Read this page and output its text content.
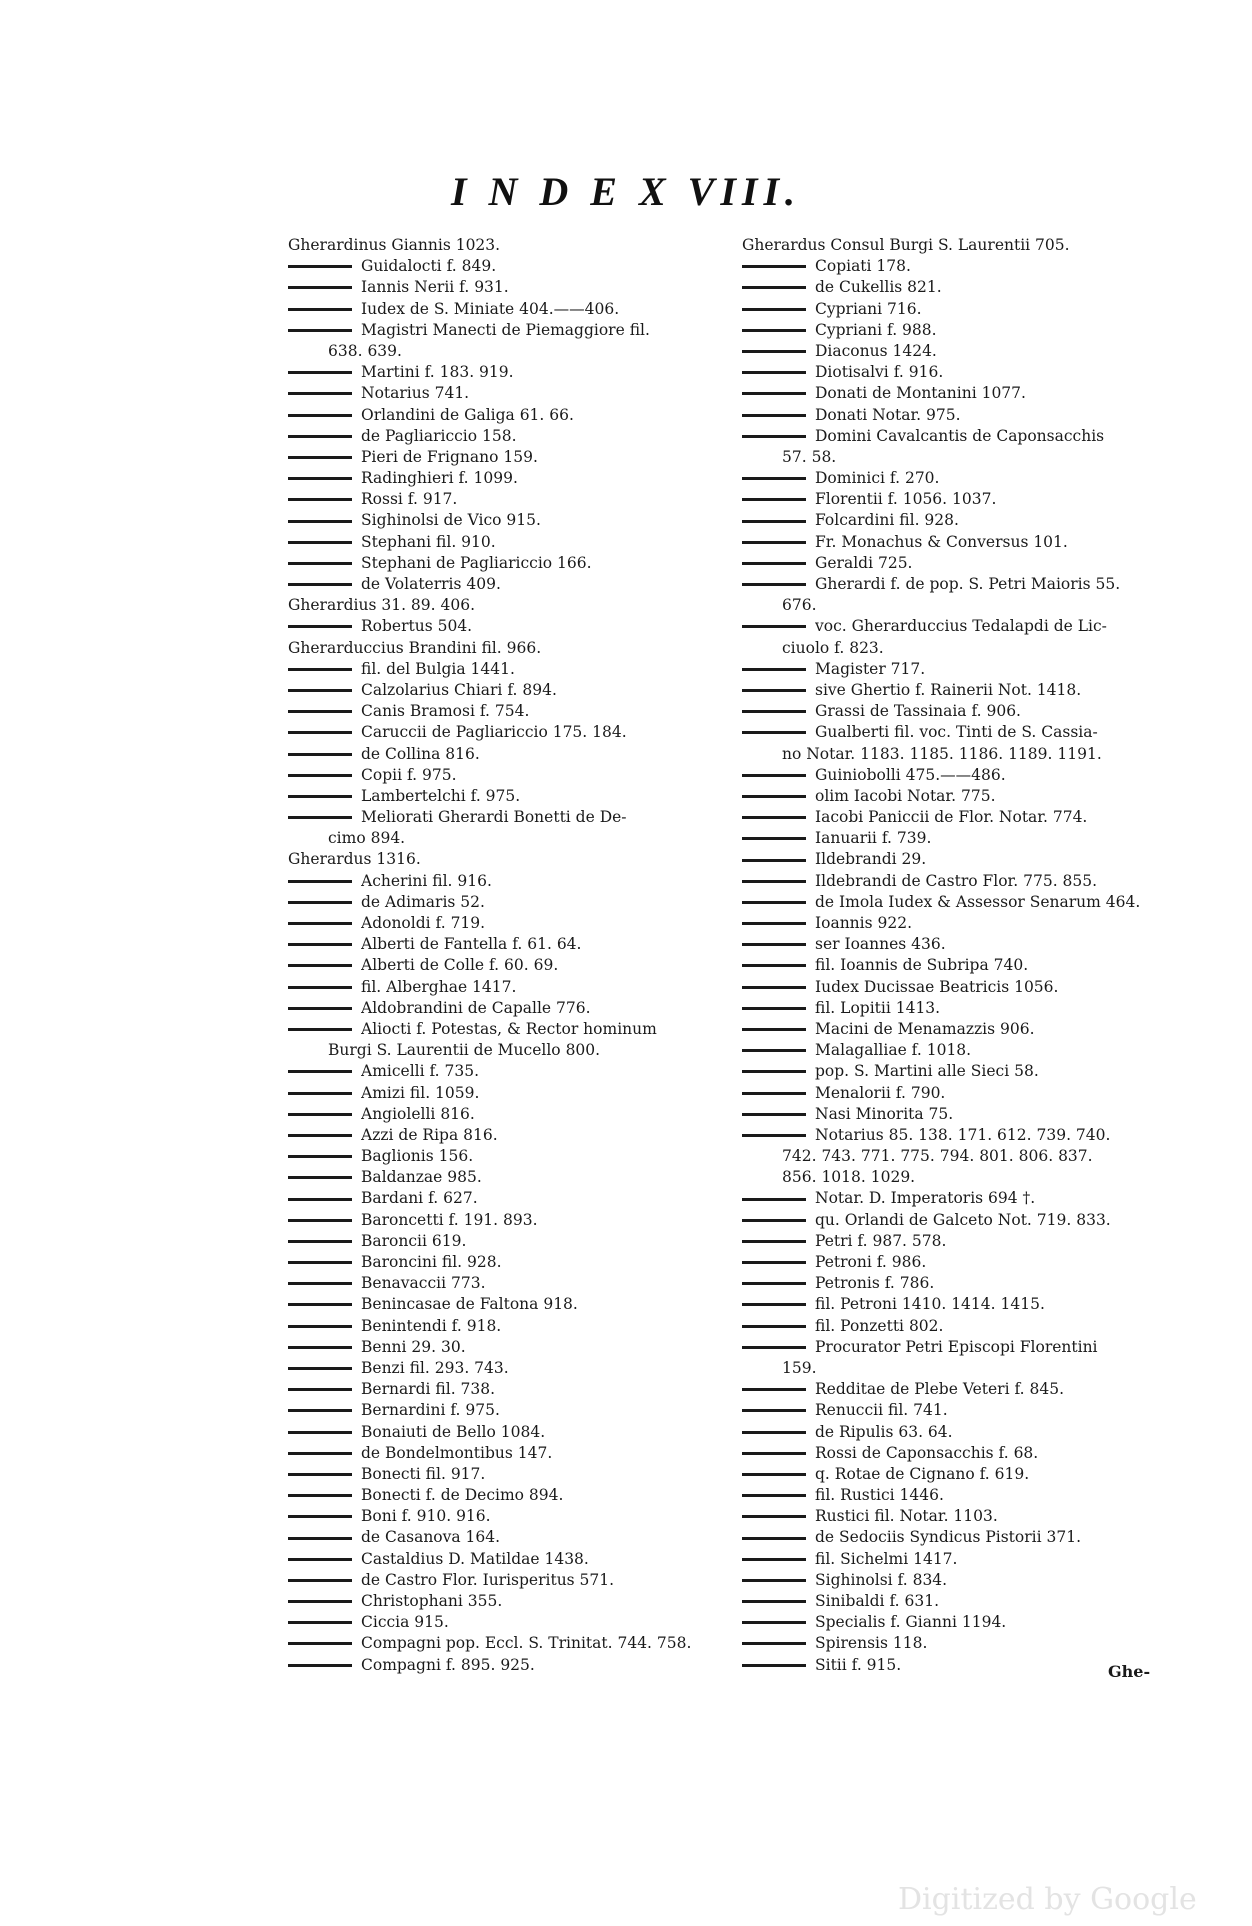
I N D E X VIII.
Gherardinus Giannis 1023.
Guidalocti f. 849.
Iannis Nerii f. 931.
Iudex de S. Miniate 404.——406.
Magistri Manecti de Piemaggiore fil.
638. 639.
Martini f. 183. 919.
Notarius 741.
Orlandini de Galiga 61. 66.
de Pagliariccio 158.
Pieri de Frignano 159.
Radinghieri f. 1099.
Rossi f. 917.
Sighinolsi de Vico 915.
Stephani fil. 910.
Stephani de Pagliariccio 166.
de Volaterris 409.
Gherardius 31. 89. 406.
Robertus 504.
Gherarduccius Brandini fil. 966.
fil. del Bulgia 1441.
Calzolarius Chiari f. 894.
Canis Bramosi f. 754.
Caruccii de Pagliariccio 175. 184.
de Collina 816.
Copii f. 975.
Lambertelchi f. 975.
Meliorati Gherardi Bonetti de De-
cimo 894.
Gherardus 1316.
Acherini fil. 916.
de Adimaris 52.
Adonoldi f. 719.
Alberti de Fantella f. 61. 64.
Alberti de Colle f. 60. 69.
fil. Alberghae 1417.
Aldobrandini de Capalle 776.
Aliocti f. Potestas, & Rector hominum
Burgi S. Laurentii de Mucello 800.
Amicelli f. 735.
Amizi fil. 1059.
Angiolelli 816.
Azzi de Ripa 816.
Baglionis 156.
Baldanzae 985.
Bardani f. 627.
Baroncetti f. 191. 893.
Baroncii 619.
Baroncini fil. 928.
Benavaccii 773.
Benincasae de Faltona 918.
Benintendi f. 918.
Benni 29. 30.
Benzi fil. 293. 743.
Bernardi fil. 738.
Bernardini f. 975.
Bonaiuti de Bello 1084.
de Bondelmontibus 147.
Bonecti fil. 917.
Bonecti f. de Decimo 894.
Boni f. 910. 916.
de Casanova 164.
Castaldius D. Matildae 1438.
de Castro Flor. Iurisperitus 571.
Christophani 355.
Ciccia 915.
Compagni pop. Eccl. S. Trinitat. 744. 758.
Compagni f. 895. 925.
Gherardus Consul Burgi S. Laurentii 705.
Copiati 178.
de Cukellis 821.
Cypriani 716.
Cypriani f. 988.
Diaconus 1424.
Diotisalvi f. 916.
Donati de Montanini 1077.
Donati Notar. 975.
Domini Cavalcantis de Caponsacchis
57. 58.
Dominici f. 270.
Florentii f. 1056. 1037.
Folcardini fil. 928.
Fr. Monachus & Conversus 101.
Geraldi 725.
Gherardi f. de pop. S. Petri Maioris 55.
676.
voc. Gherarduccius Tedalapdi de Lic-
ciuolo f. 823.
Magister 717.
sive Ghertio f. Rainerii Not. 1418.
Grassi de Tassinaia f. 906.
Gualberti fil. voc. Tinti de S. Cassia-
no Notar. 1183. 1185. 1186. 1189. 1191.
Guiniobolli 475.——486.
olim Iacobi Notar. 775.
Iacobi Paniccii de Flor. Notar. 774.
Ianuarii f. 739.
Ildebrandi 29.
Ildebrandi de Castro Flor. 775. 855.
de Imola Iudex & Assessor Senarum 464.
Ioannis 922.
ser Ioannes 436.
fil. Ioannis de Subripa 740.
Iudex Ducissae Beatricis 1056.
fil. Lopitii 1413.
Macini de Menamazzis 906.
Malagalliae f. 1018.
pop. S. Martini alle Sieci 58.
Menalorii f. 790.
Nasi Minorita 75.
Notarius 85. 138. 171. 612. 739. 740.
742. 743. 771. 775. 794. 801. 806. 837.
856. 1018. 1029.
Notar. D. Imperatoris 694 †.
qu. Orlandi de Galceto Not. 719. 833.
Petri f. 987. 578.
Petroni f. 986.
Petronis f. 786.
fil. Petroni 1410. 1414. 1415.
fil. Ponzetti 802.
Procurator Petri Episcopi Florentini
159.
Redditae de Plebe Veteri f. 845.
Renuccii fil. 741.
de Ripulis 63. 64.
Rossi de Caponsacchis f. 68.
q. Rotae de Cignano f. 619.
fil. Rustici 1446.
Rustici fil. Notar. 1103.
de Sedociis Syndicus Pistorii 371.
fil. Sichelmi 1417.
Sighinolsi f. 834.
Sinibaldi f. 631.
Specialis f. Gianni 1194.
Spirensis 118.
Sitii f. 915.	Ghe-
Digitized by Google
